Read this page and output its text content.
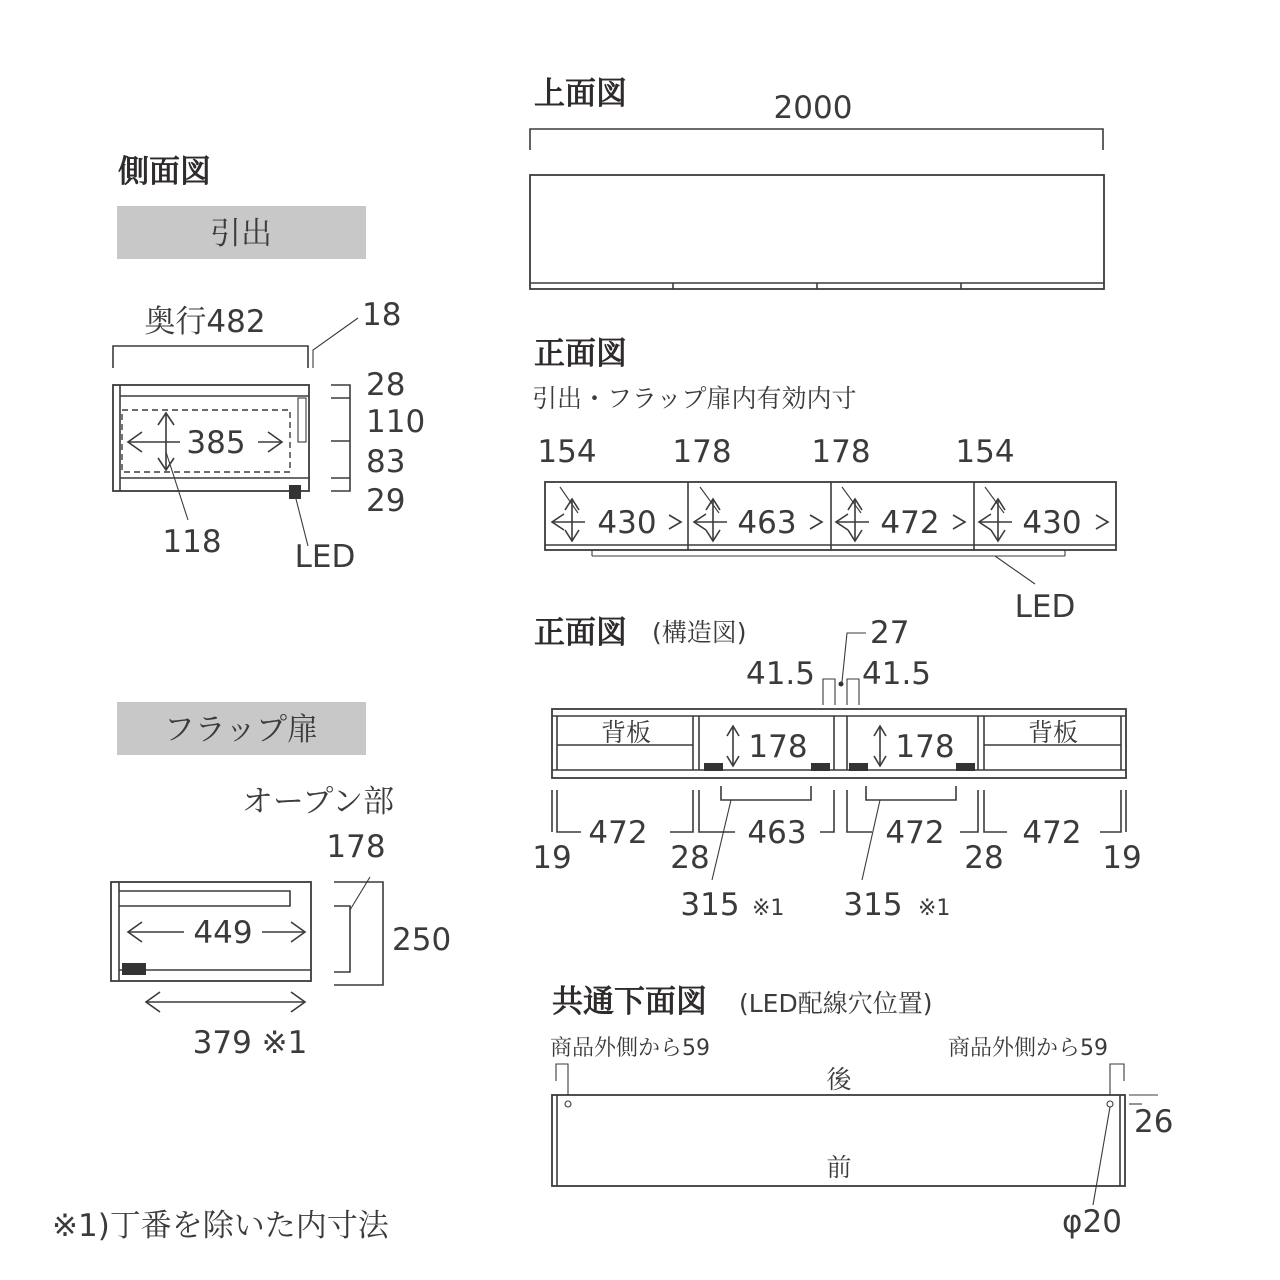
側面図
引出
奥行482	18
385
118 LED
28
110
83
29
フラップ扉
オープン部
178
449	250
379 ※1
上面図	2000
正面図
引出・フラップ扉内有効内寸
154 178	178	154
LED
430	463	472	430
正面図 (構造図)	27
41.5 41.5
背板	背板
178	178
472	463	472	472
19	28	28	19
315 ※1 315 ※1
共通下面図 (LED配線穴位置)
商品外側から59	商品外側から59
後
前
26
φ20
※1)丁番を除いた内寸法
